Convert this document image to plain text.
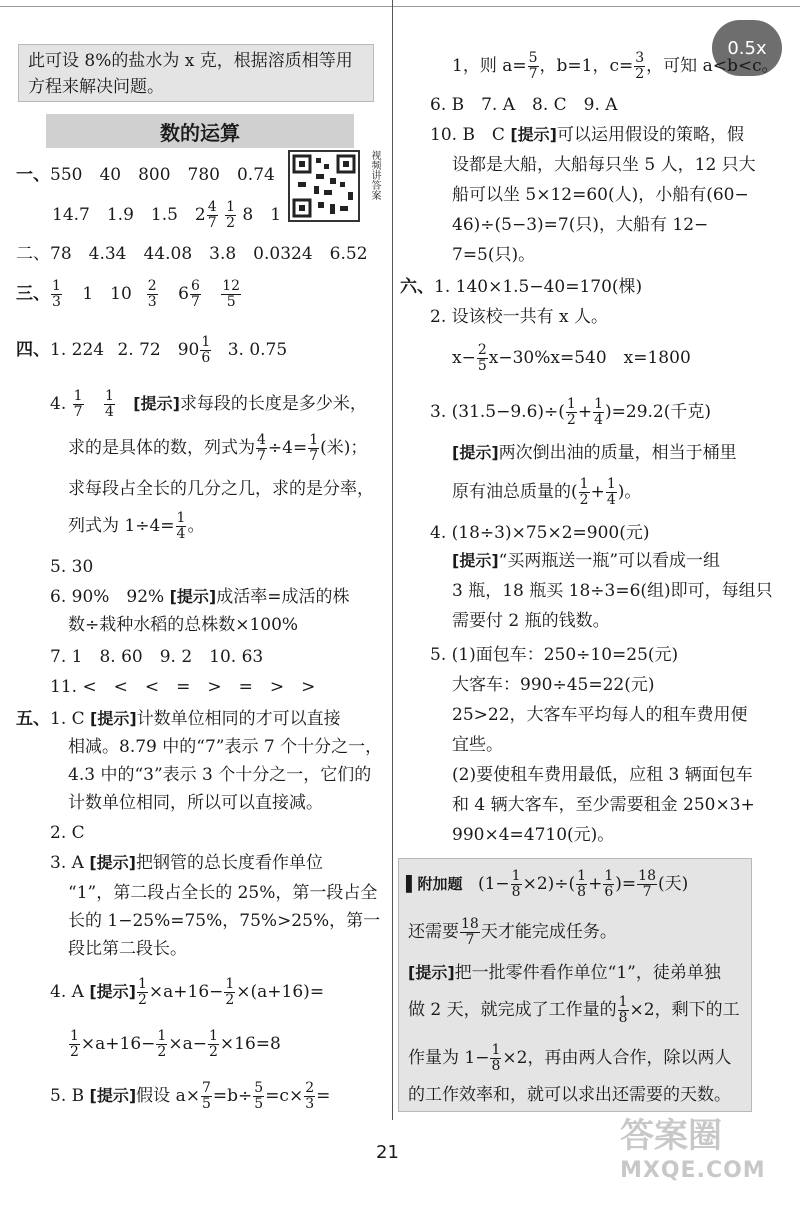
0.5x
此可设 8%的盐水为 x 克，根据溶质相等用
方程来解决问题。
数的运算
视频讲答案
一、550　40　800　780　0.74
14.7　1.9　1.5　$2 \frac{4}{7}$
$\frac{1}{2} 8$　1
二、78　4.34　44.08　3.8　0.0324　6.52
三、 $\frac{1}{3} 1$　$10 \frac{2}{3} 6 \frac{6}{7}$
$\frac{12}{5}$
四、1. 224 2. 72　$90 \frac{1}{6} 3$. 0.75
4. $\frac{1}{7}$
$\frac{1}{4}$ [提示]求每段的长度是多少米，
求的是具体的数，列式为 $\frac{4}{7} \div 4= \frac{1}{7}$ (米)；
求每段占全长的几分之几，求的是分率，
列式为 $1\div 4= \frac{1}{4}$ 。
5. 30
6. 90%　92% [提示]成活率=成活的株
数÷栽种水稻的总株数×100%
7. 1　8. 60　9. 2　10. 63
11. <　<　<　=　>　=　>　>
五、1. C [提示]计数单位相同的才可以直接
相减。8.79 中的“7”表示 7 个十分之一，
4.3 中的“3”表示 3 个十分之一，它们的
计数单位相同，所以可以直接减。
2. C
3. A [提示]把钢管的总长度看作单位
“1”，第二段占全长的 25%，第一段占全
长的 1−25%=75%，75%>25%，第一
段比第二段长。
4. A [提示] $\frac{1}{2} \times a+16- \frac{1}{2} \times(a+16)=$
$\frac{1}{2} \times a+16- \frac{1}{2} \times a- \frac{1}{2} \times 16=8$
5. B [提示]假设 $a\times \frac{7}{5} =b\div \frac{5}{5} =c\times \frac{2}{3}$ =
1，则 $a= \frac{5}{7}$ ，b=1，$c= \frac{3}{2}$ ，可知 a<b<c。
6. B　7. A　8. C　9. A
10. B　C [提示]可以运用假设的策略，假
设都是大船，大船每只坐 5 人，12 只大
船可以坐 5×12=60(人)，小船有(60−
46)÷(5−3)=7(只)，大船有 12−
7=5(只)。
六、1. 140×1.5−40=170(棵)
2. 设该校一共有 x 人。
$x- \frac{2}{5} x-30\%x=540$　x=1800
3. $(31.5-9.6)\div( \frac{1}{2} + \frac{1}{4} )=29.2$(千克)
[提示]两次倒出油的质量，相当于桶里
原有油总质量的( $\frac{1}{2} + \frac{1}{4}$ )。
4. (18÷3)×75×2=900(元)
[提示]“买两瓶送一瓶”可以看成一组
3 瓶，18 瓶买 18÷3=6(组)即可，每组只
需要付 2 瓶的钱数。
5. (1)面包车：250÷10=25(元)
大客车：990÷45=22(元)
25>22，大客车平均每人的租车费用便
宜些。
(2)要使租车费用最低，应租 3 辆面包车
和 4 辆大客车，至少需要租金 250×3+
990×4=4710(元)。
▌附加题 $(1- \frac{1}{8} \times 2)\div( \frac{1}{8} + \frac{1}{6}$ )= $\frac{18}{7}$ (天)
还需要 $\frac{18}{7}$ 天才能完成任务。
[提示]把一批零件看作单位“1”，徒弟单独
做 2 天，就完成了工作量的 $\frac{1}{8} \times 2$，剩下的工
作量为 $1- \frac{1}{8} \times 2$，再由两人合作，除以两人
的工作效率和，就可以求出还需要的天数。
21	答案圈
MXQE.COM
